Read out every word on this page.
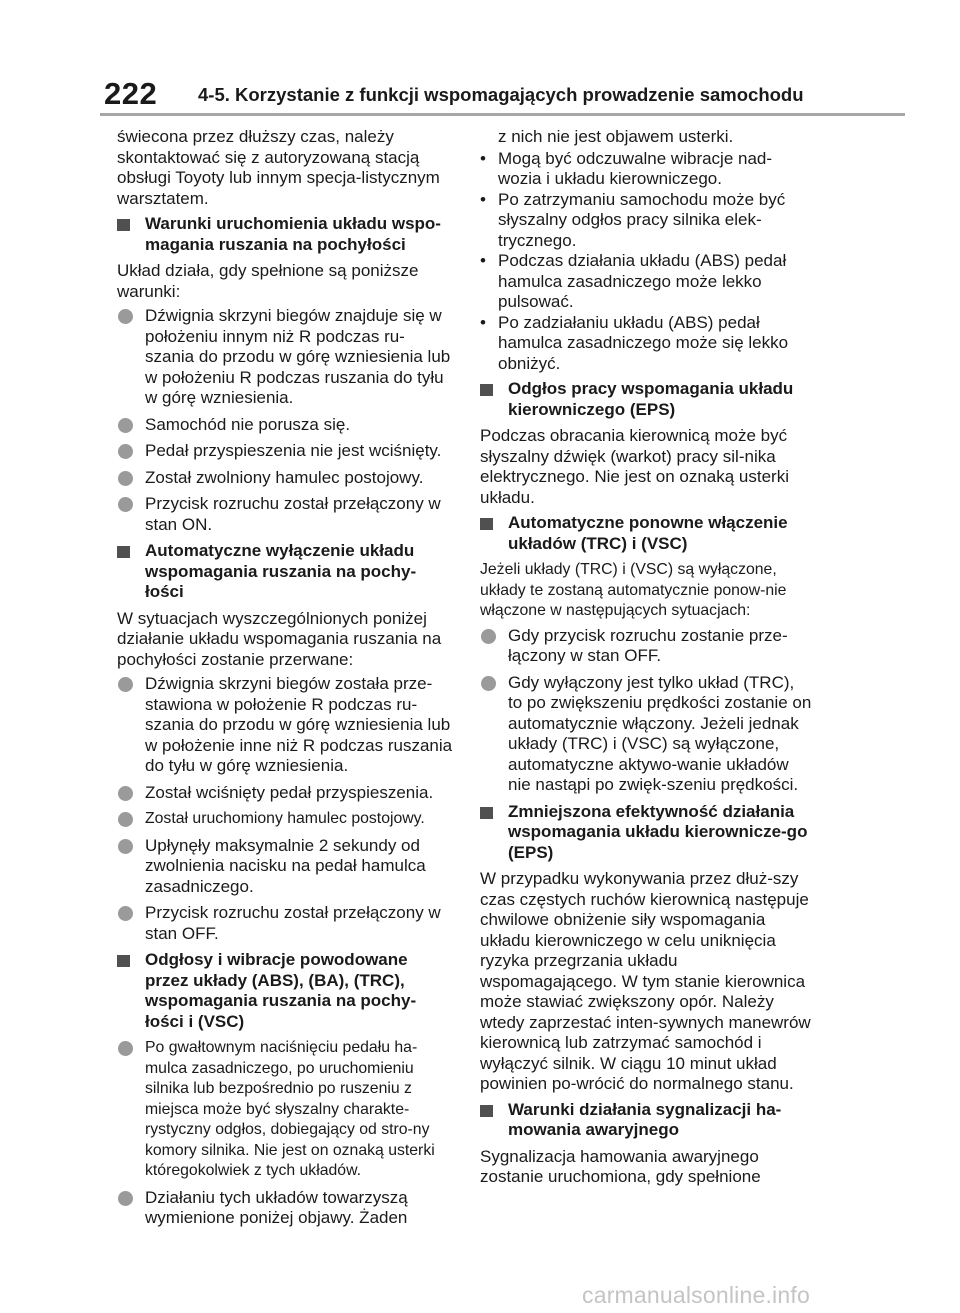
222 4-5. Korzystanie z funkcji wspomagających prowadzenie samochodu

świecona przez dłuższy czas, należy skontaktować się z autoryzowaną stacją obsługi Toyoty lub innym specja-listycznym warsztatem.

Warunki uruchomienia układu wspo-magania ruszania na pochyłości

Układ działa, gdy spełnione są poniższe warunki:

Dźwignia skrzyni biegów znajduje się w położeniu innym niż R podczas ru-szania do przodu w górę wzniesienia lub w położeniu R podczas ruszania do tyłu w górę wzniesienia.
Samochód nie porusza się.
Pedał przyspieszenia nie jest wciśnięty.
Został zwolniony hamulec postojowy.
Przycisk rozruchu został przełączony w stan ON.
Automatyczne wyłączenie układu wspomagania ruszania na pochy-łości

W sytuacjach wyszczególnionych poniżej działanie układu wspomagania ruszania na pochyłości zostanie przerwane:

Dźwignia skrzyni biegów została prze-stawiona w położenie R podczas ru-szania do przodu w górę wzniesienia lub w położenie inne niż R podczas ruszania do tyłu w górę wzniesienia.
Został wciśnięty pedał przyspieszenia.
Został uruchomiony hamulec postojowy.
Upłynęły maksymalnie 2 sekundy od zwolnienia nacisku na pedał hamulca zasadniczego.
Przycisk rozruchu został przełączony w stan OFF.
Odgłosy i wibracje powodowane przez układy (ABS), (BA), (TRC), wspomagania ruszania na pochy-łości i (VSC)
Po gwałtownym naciśnięciu pedału ha-mulca zasadniczego, po uruchomieniu silnika lub bezpośrednio po ruszeniu z miejsca może być słyszalny charakte-rystyczny odgłos, dobiegający od stro-ny komory silnika. Nie jest on oznaką usterki któregokolwiek z tych układów.
Działaniu tych układów towarzyszą wymienione poniżej objawy. Żaden

z nich nie jest objawem usterki.

• Mogą być odczuwalne wibracje nad-wozia i układu kierowniczego.
• Po zatrzymaniu samochodu może być słyszalny odgłos pracy silnika elek-trycznego.
• Podczas działania układu (ABS) pedał hamulca zasadniczego może lekko pulsować.
• Po zadziałaniu układu (ABS) pedał hamulca zasadniczego może się lekko obniżyć.
Odgłos pracy wspomagania układu kierowniczego (EPS)

Podczas obracania kierownicą może być słyszalny dźwięk (warkot) pracy sil-nika elektrycznego. Nie jest on oznaką usterki układu.

Automatyczne ponowne włączenie układów (TRC) i (VSC)

Jeżeli układy (TRC) i (VSC) są wyłączone, układy te zostaną automatycznie ponow-nie włączone w następujących sytuacjach:

Gdy przycisk rozruchu zostanie prze-łączony w stan OFF.
Gdy wyłączony jest tylko układ (TRC), to po zwiększeniu prędkości zostanie on automatycznie włączony. Jeżeli jednak układy (TRC) i (VSC) są wyłączone, automatyczne aktywo-wanie układów nie nastąpi po zwięk-szeniu prędkości.
Zmniejszona efektywność działania wspomagania układu kierownicze-go (EPS)

W przypadku wykonywania przez dłuż-szy czas częstych ruchów kierownicą następuje chwilowe obniżenie siły wspomagania układu kierowniczego w celu uniknięcia ryzyka przegrzania układu wspomagającego. W tym stanie kierownica może stawiać zwiększony opór. Należy wtedy zaprzestać inten-sywnych manewrów kierownicą lub zatrzymać samochód i wyłączyć silnik. W ciągu 10 minut układ powinien po-wrócić do normalnego stanu.

Warunki działania sygnalizacji ha-mowania awaryjnego

Sygnalizacja hamowania awaryjnego zostanie uruchomiona, gdy spełnione

carmanualsonline.info
